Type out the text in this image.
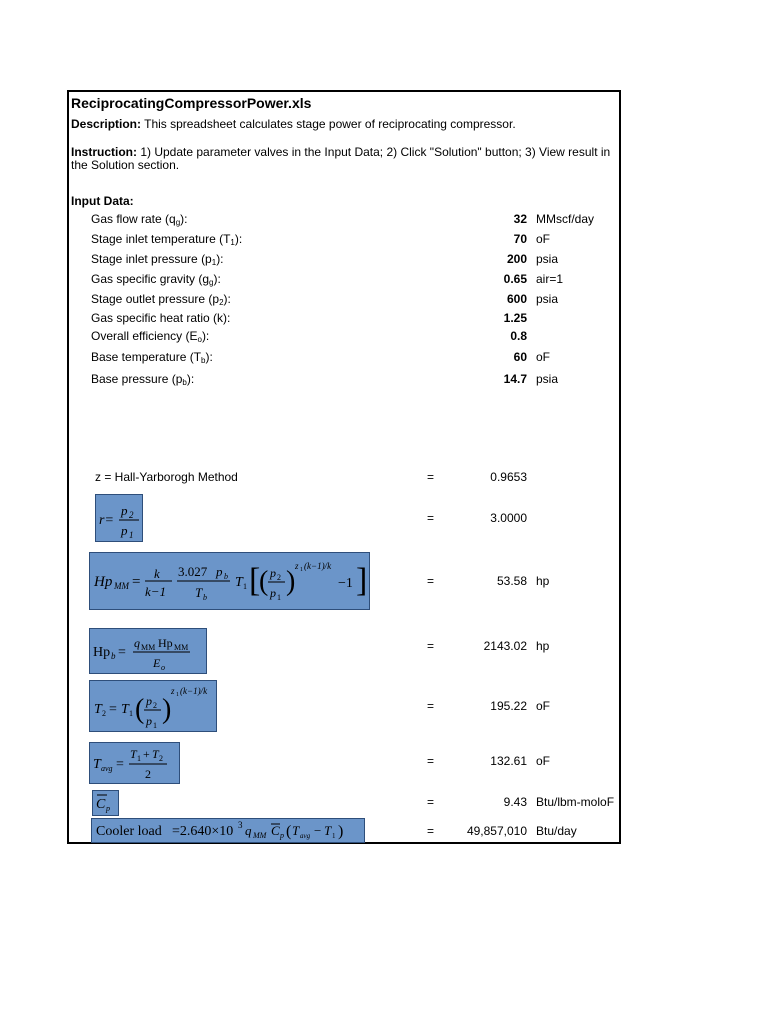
ReciprocatingCompressorPower.xls
Description: This spreadsheet calculates stage power of reciprocating compressor.
Instruction: 1) Update parameter valves in the Input Data; 2) Click "Solution" button; 3) View result in the Solution section.
Input Data:
Gas flow rate $(q_g)$:	32 MMscf/day
Stage inlet temperature $(T_1)$:	70 oF
Stage inlet pressure $(p_1)$:	200 psia
Gas specific gravity $(g_g)$:	0.65 air=1
Stage outlet pressure $(p_2)$:	600 psia
Gas specific heat ratio (k):	1.25
Overall efficiency $(E_o)$:	0.8
Base temperature $(T_b)$:	60 oF
Base pressure $(p_b)$:	14.7 psia
z = Hall-Yarborogh Method	=	0.9653
r=
p 2
p 1
=	3.0000
Hp MM =
k
k−1
3.027 p b
T b
T 1 [
( p 2
p 1
) z 1 (k−1)/k
−1 ]	=	53.58 hp
Hp b =
q MM Hp MM
E o
=	2143.02 hp
T 2 = T 1 ( p 2
p 1
)
z 1 (k−1)/k
=	195.22 oF
T avg =
T 1 + T 2
2
=	132.61 oF
C p	=	9.43 Btu/lbm-moloF
Cooler load =2.640×10 3 q MM C p ( T avg − T 1 )	=	49,857,010 Btu/day
